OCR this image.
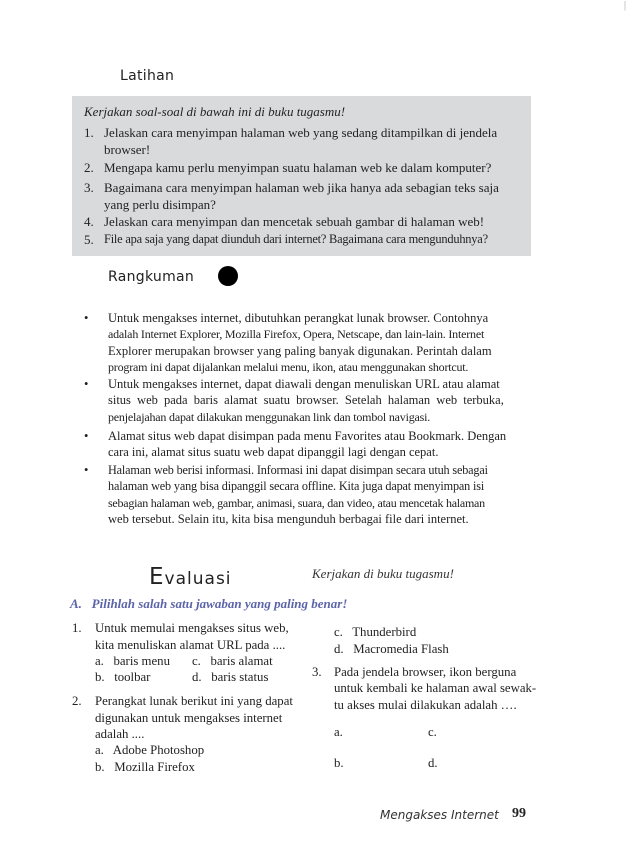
|
Latihan
Kerjakan soal-soal di bawah ini di buku tugasmu!
1. Jelaskan cara menyimpan halaman web yang sedang ditampilkan di jendela
browser!
2. Mengapa kamu perlu menyimpan suatu halaman web ke dalam komputer?
3. Bagaimana cara menyimpan halaman web jika hanya ada sebagian teks saja
yang perlu disimpan?
4. Jelaskan cara menyimpan dan mencetak sebuah gambar di halaman web!
5. File apa saja yang dapat diunduh dari internet? Bagaimana cara mengunduhnya?
Rangkuman
• Untuk mengakses internet, dibutuhkan perangkat lunak browser. Contohnya
adalah Internet Explorer, Mozilla Firefox, Opera, Netscape, dan lain-lain. Internet
Explorer merupakan browser yang paling banyak digunakan. Perintah dalam
program ini dapat dijalankan melalui menu, ikon, atau menggunakan shortcut.
• Untuk mengakses internet, dapat diawali dengan menuliskan URL atau alamat
situs web pada baris alamat suatu browser. Setelah halaman web terbuka,
penjelajahan dapat dilakukan menggunakan link dan tombol navigasi.
• Alamat situs web dapat disimpan pada menu Favorites atau Bookmark. Dengan
cara ini, alamat situs suatu web dapat dipanggil lagi dengan cepat.
• Halaman web berisi informasi. Informasi ini dapat disimpan secara utuh sebagai
halaman web yang bisa dipanggil secara offline. Kita juga dapat menyimpan isi
sebagian halaman web, gambar, animasi, suara, dan video, atau mencetak halaman
web tersebut. Selain itu, kita bisa mengunduh berbagai file dari internet.
Evaluasi	Kerjakan di buku tugasmu!
A.   Pilihlah salah satu jawaban yang paling benar!
1. Untuk memulai mengakses situs web,
kita menuliskan alamat URL pada ....
a.   baris menu c.   baris alamat
b.   toolbar	d.   baris status
2. Perangkat lunak berikut ini yang dapat
digunakan untuk mengakses internet
adalah ....
a.   Adobe Photoshop
b.   Mozilla Firefox
c.   Thunderbird
d.   Macromedia Flash
3. Pada jendela browser, ikon berguna
untuk kembali ke halaman awal sewak-
tu akses mulai dilakukan adalah ….
a.	c.
b.	d.
Mengakses Internet 99
